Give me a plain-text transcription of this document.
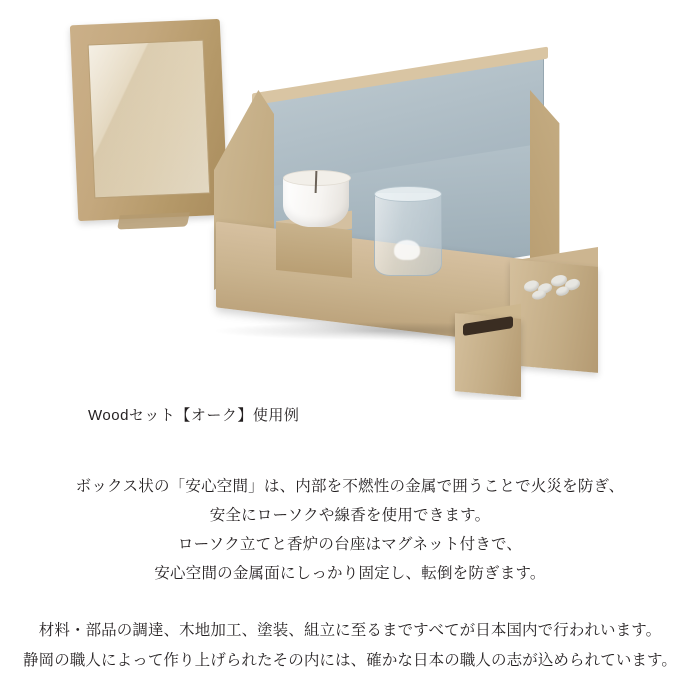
Woodセット【オーク】使用例
ボックス状の「安心空間」は、内部を不燃性の金属で囲うことで火災を防ぎ、
安全にローソクや線香を使用できます。
ローソク立てと香炉の台座はマグネット付きで、
安心空間の金属面にしっかり固定し、転倒を防ぎます。
材料・部品の調達、木地加工、塗装、組立に至るまですべてが日本国内で行われいます。
静岡の職人によって作り上げられたその内には、確かな日本の職人の志が込められています。
